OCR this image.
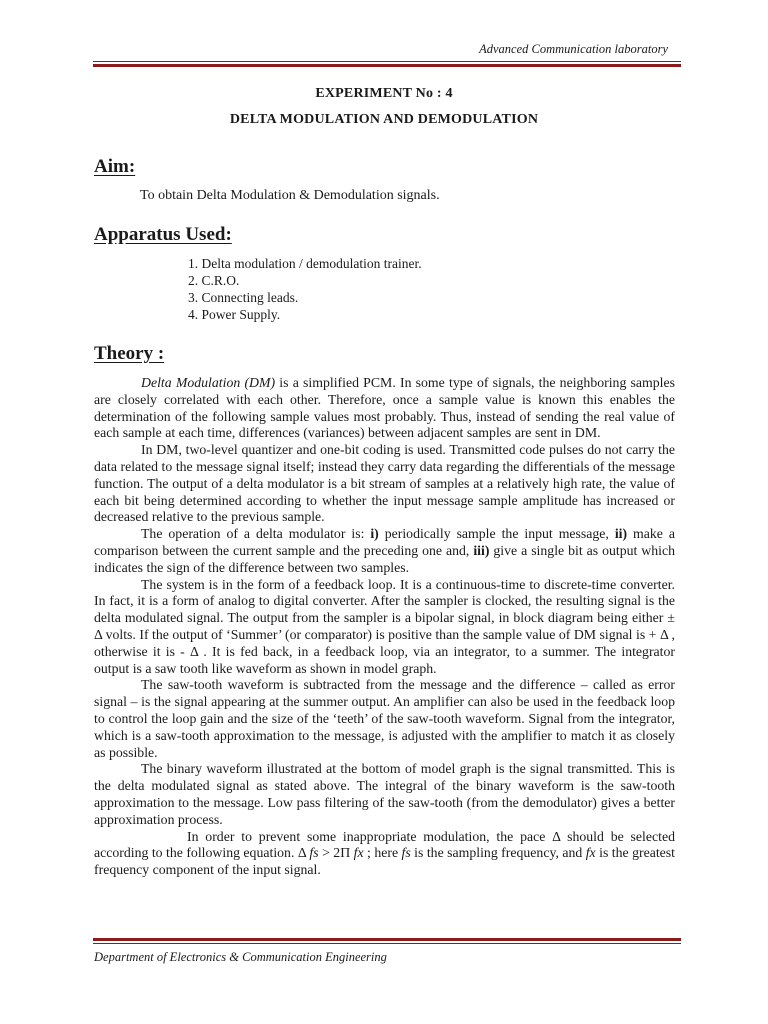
Advanced Communication laboratory
EXPERIMENT No : 4
DELTA MODULATION AND DEMODULATION
Aim:
To obtain Delta Modulation & Demodulation signals.
Apparatus Used:
1. Delta modulation / demodulation trainer.
2. C.R.O.
3. Connecting leads.
4. Power Supply.
Theory :

Delta Modulation (DM) is a simplified PCM. In some type of signals, the neighboring samples are closely correlated with each other. Therefore, once a sample value is known this enables the determination of the following sample values most probably. Thus, instead of sending the real value of each sample at each time, differences (variances) between adjacent samples are sent in DM.

In DM, two-level quantizer and one-bit coding is used. Transmitted code pulses do not carry the data related to the message signal itself; instead they carry data regarding the differentials of the message function. The output of a delta modulator is a bit stream of samples at a relatively high rate, the value of each bit being determined according to whether the input message sample amplitude has increased or decreased relative to the previous sample.

The operation of a delta modulator is: i) periodically sample the input message, ii) make a comparison between the current sample and the preceding one and, iii) give a single bit as output which indicates the sign of the difference between two samples.

The system is in the form of a feedback loop. It is a continuous-time to discrete-time converter. In fact, it is a form of analog to digital converter. After the sampler is clocked, the resulting signal is the delta modulated signal. The output from the sampler is a bipolar signal, in block diagram being either ± Δ volts. If the output of ‘Summer’ (or comparator) is positive than the sample value of DM signal is + Δ , otherwise it is - Δ . It is fed back, in a feedback loop, via an integrator, to a summer. The integrator output is a saw tooth like waveform as shown in model graph.

The saw-tooth waveform is subtracted from the message and the difference – called as error signal – is the signal appearing at the summer output. An amplifier can also be used in the feedback loop to control the loop gain and the size of the ‘teeth’ of the saw-tooth waveform. Signal from the integrator, which is a saw-tooth approximation to the message, is adjusted with the amplifier to match it as closely as possible.

The binary waveform illustrated at the bottom of model graph is the signal transmitted. This is the delta modulated signal as stated above. The integral of the binary waveform is the saw-tooth approximation to the message. Low pass filtering of the saw-tooth (from the demodulator) gives a better approximation process.

In order to prevent some inappropriate modulation, the pace Δ should be selected according to the following equation. Δ fs > 2Π fx ; here fs is the sampling frequency, and fx is the greatest frequency component of the input signal.

Department of Electronics & Communication Engineering
